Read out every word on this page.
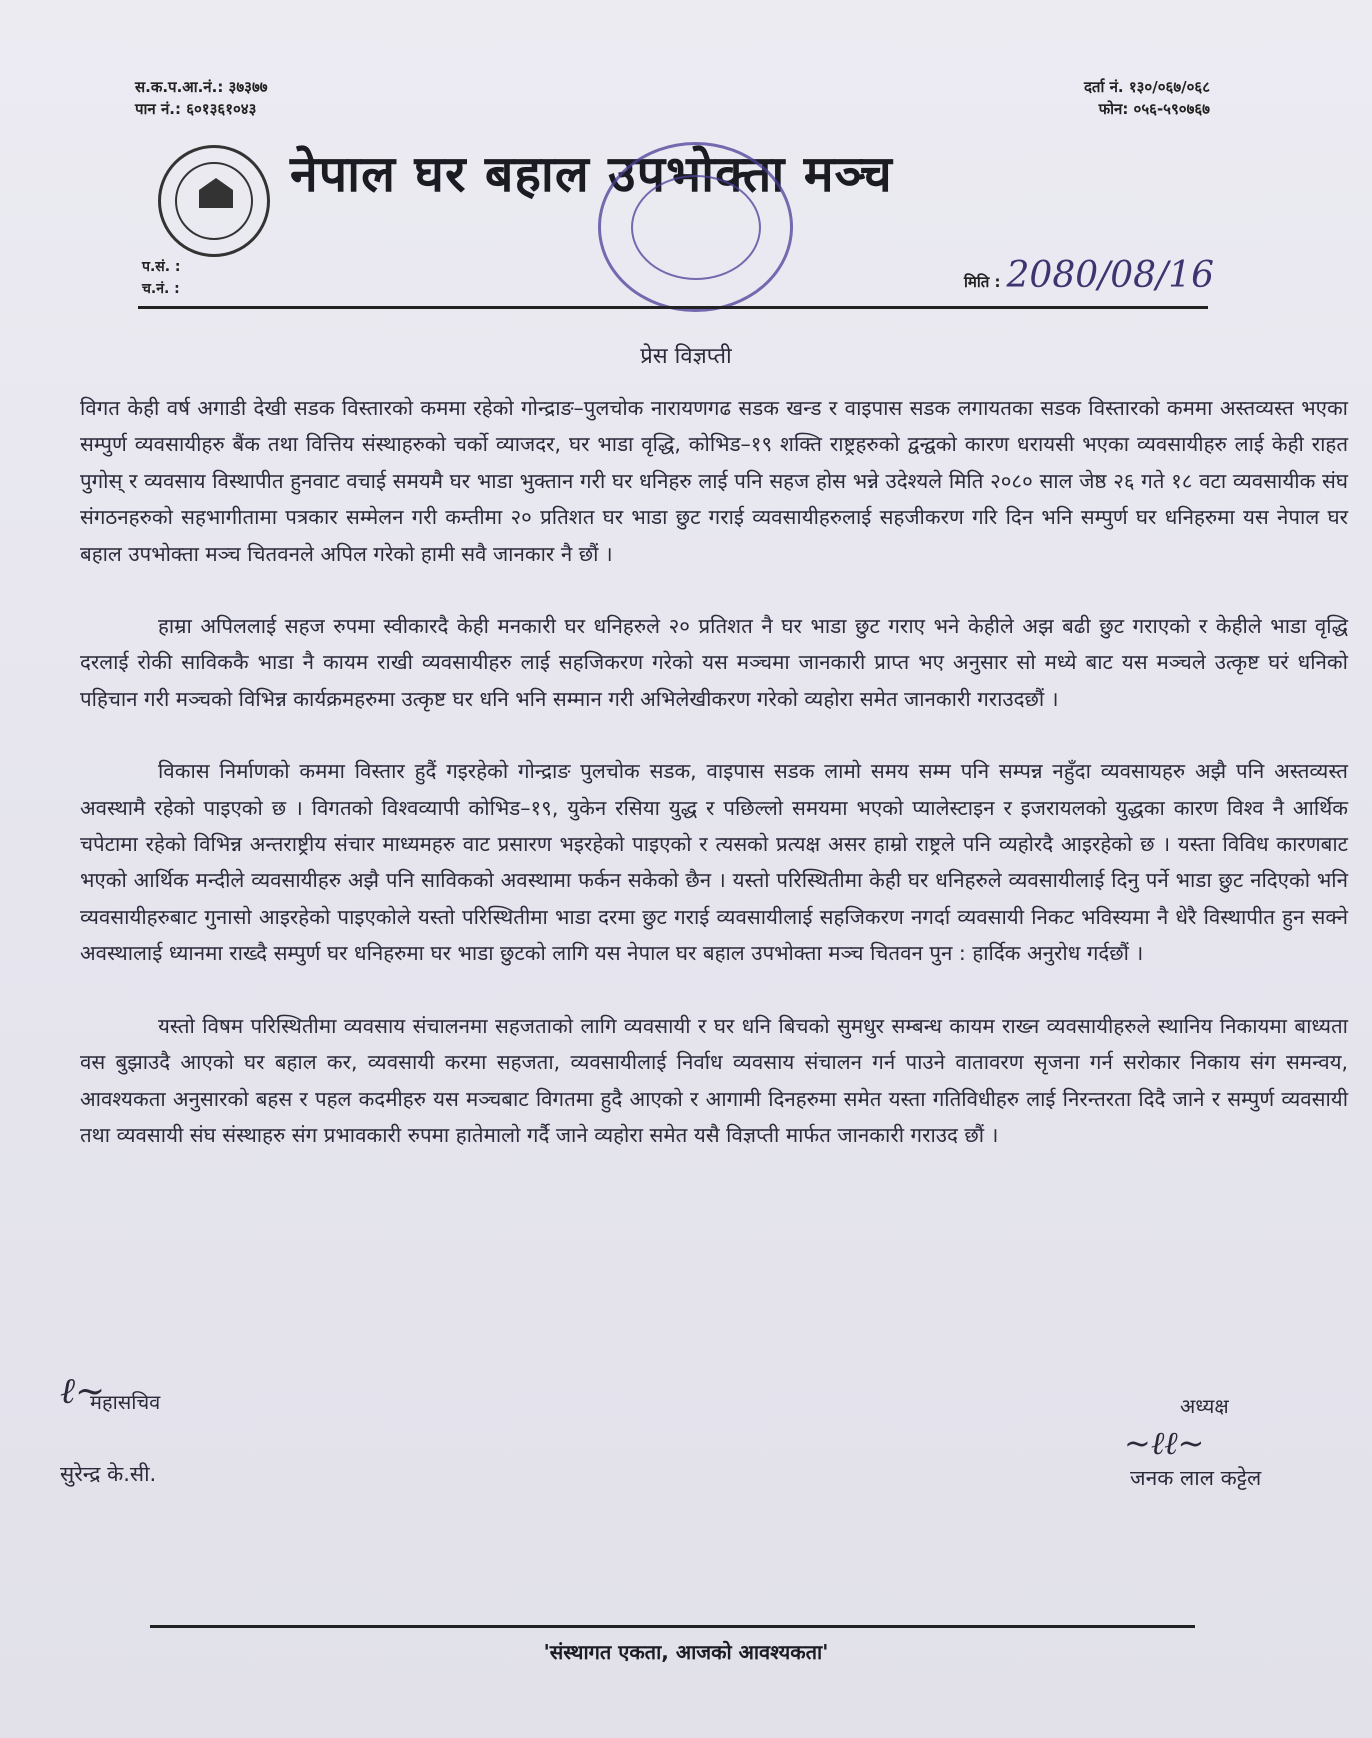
स.क.प.आ.नं.: ३७३७७
पान नं.: ६०१३६१०४३
दर्ता नं. १३०/०६७/०६८
फोन: ०५६-५९०७६७
नेपाल घर बहाल उपभोक्ता मञ्च
प.सं. :
च.नं. :	मिति : 2080/08/16
प्रेस विज्ञप्ती

विगत केही वर्ष अगाडी देखी सडक विस्तारको कममा रहेको गोन्द्राङ–पुलचोक नारायणगढ सडक खन्ड र वाइपास सडक लगायतका सडक विस्तारको कममा अस्तव्यस्त भएका सम्पुर्ण व्यवसायीहरु बैंक तथा वित्तिय संस्थाहरुको चर्को व्याजदर, घर भाडा वृद्धि, कोभिड–१९ शक्ति राष्ट्रहरुको द्वन्द्वको कारण धरायसी भएका व्यवसायीहरु लाई केही राहत पुगोस् र व्यवसाय विस्थापीत हुनवाट वचाई समयमै घर भाडा भुक्तान गरी घर धनिहरु लाई पनि सहज होस भन्ने उदेश्यले मिति २०८० साल जेष्ठ २६ गते १८ वटा व्यवसायीक संघ संगठनहरुको सहभागीतामा पत्रकार सम्मेलन गरी कम्तीमा २० प्रतिशत घर भाडा छुट गराई व्यवसायीहरुलाई सहजीकरण गरि दिन भनि सम्पुर्ण घर धनिहरुमा यस नेपाल घर बहाल उपभोक्ता मञ्च चितवनले अपिल गरेको हामी सवै जानकार नै छौं ।

हाम्रा अपिललाई सहज रुपमा स्वीकारदै केही मनकारी घर धनिहरुले २० प्रतिशत नै घर भाडा छुट गराए भने केहीले अझ बढी छुट गराएको र केहीले भाडा वृद्धि दरलाई रोकी साविककै भाडा नै कायम राखी व्यवसायीहरु लाई सहजिकरण गरेको यस मञ्चमा जानकारी प्राप्त भए अनुसार सो मध्ये बाट यस मञ्चले उत्कृष्ट घरं धनिको पहिचान गरी मञ्चको विभिन्न कार्यक्रमहरुमा उत्कृष्ट घर धनि भनि सम्मान गरी अभिलेखीकरण गरेको व्यहोरा समेत जानकारी गराउदछौं ।

विकास निर्माणको कममा विस्तार हुदैं गइरहेको गोन्द्राङ पुलचोक सडक, वाइपास सडक लामो समय सम्म पनि सम्पन्न नहुँदा व्यवसायहरु अझै पनि अस्तव्यस्त अवस्थामै रहेको पाइएको छ । विगतको विश्वव्यापी कोभिड–१९, युकेन रसिया युद्ध र पछिल्लो समयमा भएको प्यालेस्टाइन र इजरायलको युद्धका कारण विश्व नै आर्थिक चपेटामा रहेको विभिन्न अन्तराष्ट्रीय संचार माध्यमहरु वाट प्रसारण भइरहेको पाइएको र त्यसको प्रत्यक्ष असर हाम्रो राष्ट्रले पनि व्यहोरदै आइरहेको छ । यस्ता विविध कारणबाट भएको आर्थिक मन्दीले व्यवसायीहरु अझै पनि साविकको अवस्थामा फर्कन सकेको छैन । यस्तो परिस्थितीमा केही घर धनिहरुले व्यवसायीलाई दिनु पर्ने भाडा छुट नदिएको भनि व्यवसायीहरुबाट गुनासो आइरहेको पाइएकोले यस्तो परिस्थितीमा भाडा दरमा छुट गराई व्यवसायीलाई सहजिकरण नगर्दा व्यवसायी निकट भविस्यमा नै धेरै विस्थापीत हुन सक्ने अवस्थालाई ध्यानमा राख्दै सम्पुर्ण घर धनिहरुमा घर भाडा छुटको लागि यस नेपाल घर बहाल उपभोक्ता मञ्च चितवन पुन : हार्दिक अनुरोध गर्दछौं ।

यस्तो विषम परिस्थितीमा व्यवसाय संचालनमा सहजताको लागि व्यवसायी र घर धनि बिचको सुमधुर सम्बन्ध कायम राख्न व्यवसायीहरुले स्थानिय निकायमा बाध्यता वस बुझाउदै आएको घर बहाल कर, व्यवसायी करमा सहजता, व्यवसायीलाई निर्वाध व्यवसाय संचालन गर्न पाउने वातावरण सृजना गर्न सरोकार निकाय संग समन्वय, आवश्यकता अनुसारको बहस र पहल कदमीहरु यस मञ्चबाट विगतमा हुदै आएको र आगामी दिनहरुमा समेत यस्ता गतिविधीहरु लाई निरन्तरता दिदै जाने र सम्पुर्ण व्यवसायी तथा व्यवसायी संघ संस्थाहरु संग प्रभावकारी रुपमा हातेमालो गर्दै जाने व्यहोरा समेत यसै विज्ञप्ती मार्फत जानकारी गराउद छौं ।

ℓ~
महासचिव
सुरेन्द्र के.सी.
अध्यक्ष
~ℓℓ~
जनक लाल कट्टेल
'संस्थागत एकता, आजको आवश्यकता'
